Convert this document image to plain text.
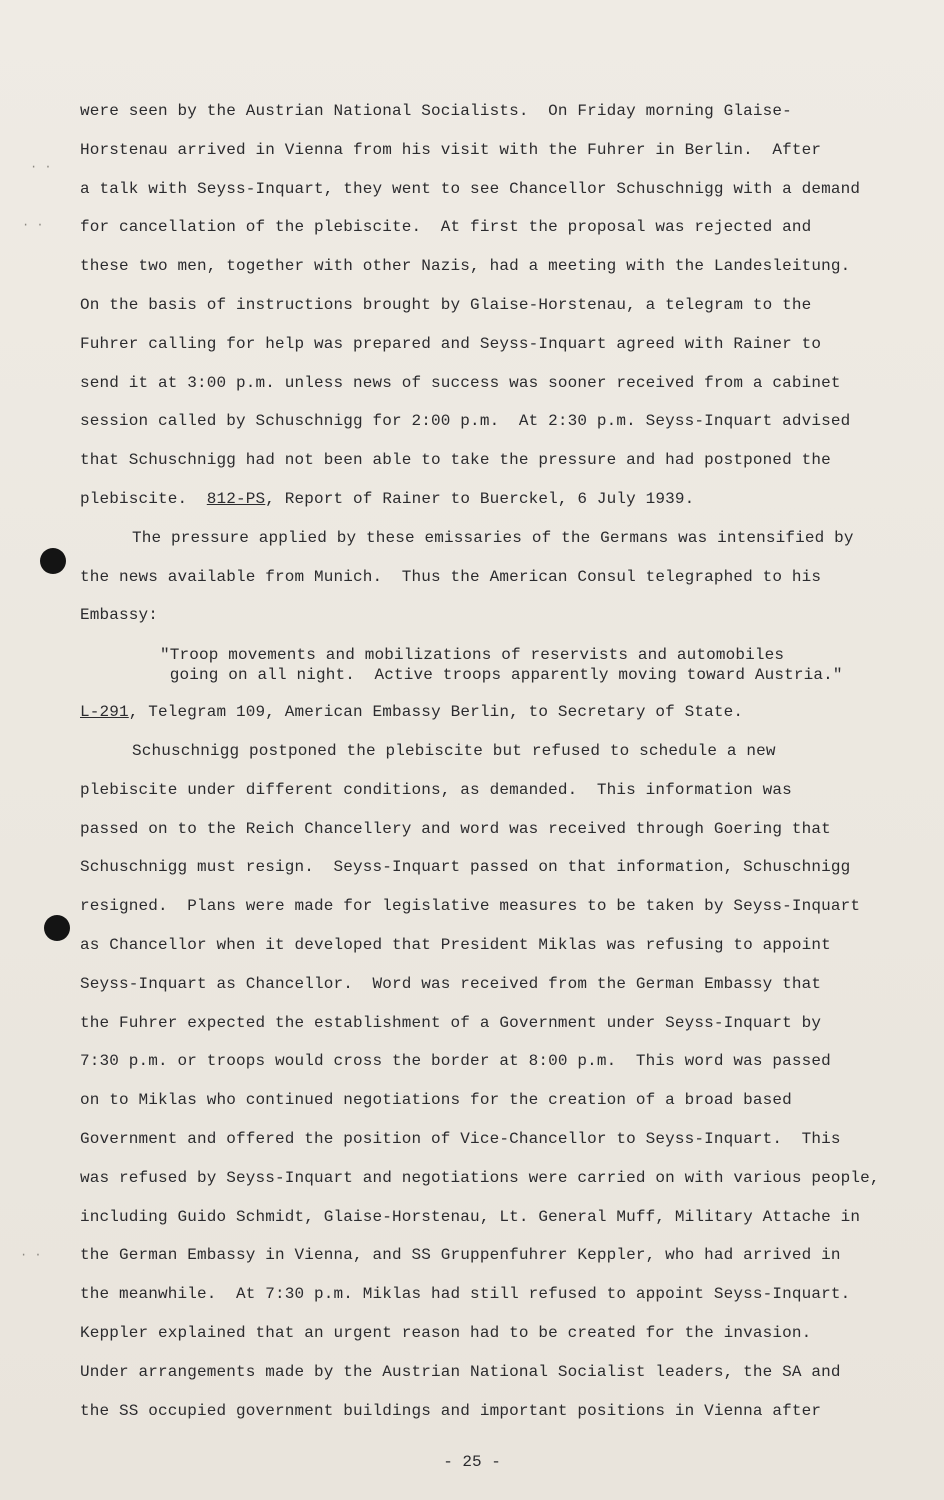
· ·
· ·
· ·
were seen by the Austrian National Socialists.  On Friday morning Glaise-
Horstenau arrived in Vienna from his visit with the Fuhrer in Berlin.  After
a talk with Seyss-Inquart, they went to see Chancellor Schuschnigg with a demand
for cancellation of the plebiscite.  At first the proposal was rejected and
these two men, together with other Nazis, had a meeting with the Landesleitung.
On the basis of instructions brought by Glaise-Horstenau, a telegram to the
Fuhrer calling for help was prepared and Seyss-Inquart agreed with Rainer to
send it at 3:00 p.m. unless news of success was sooner received from a cabinet
session called by Schuschnigg for 2:00 p.m.  At 2:30 p.m. Seyss-Inquart advised
that Schuschnigg had not been able to take the pressure and had postponed the
plebiscite.  812-PS, Report of Rainer to Buerckel, 6 July 1939.
The pressure applied by these emissaries of the Germans was intensified by
the news available from Munich.  Thus the American Consul telegraphed to his
Embassy:
"Troop movements and mobilizations of reservists and automobiles
going on all night.  Active troops apparently moving toward Austria."
L-291, Telegram 109, American Embassy Berlin, to Secretary of State.
Schuschnigg postponed the plebiscite but refused to schedule a new
plebiscite under different conditions, as demanded.  This information was
passed on to the Reich Chancellery and word was received through Goering that
Schuschnigg must resign.  Seyss-Inquart passed on that information, Schuschnigg
resigned.  Plans were made for legislative measures to be taken by Seyss-Inquart
as Chancellor when it developed that President Miklas was refusing to appoint
Seyss-Inquart as Chancellor.  Word was received from the German Embassy that
the Fuhrer expected the establishment of a Government under Seyss-Inquart by
7:30 p.m. or troops would cross the border at 8:00 p.m.  This word was passed
on to Miklas who continued negotiations for the creation of a broad based
Government and offered the position of Vice-Chancellor to Seyss-Inquart.  This
was refused by Seyss-Inquart and negotiations were carried on with various people,
including Guido Schmidt, Glaise-Horstenau, Lt. General Muff, Military Attache in
the German Embassy in Vienna, and SS Gruppenfuhrer Keppler, who had arrived in
the meanwhile.  At 7:30 p.m. Miklas had still refused to appoint Seyss-Inquart.
Keppler explained that an urgent reason had to be created for the invasion.
Under arrangements made by the Austrian National Socialist leaders, the SA and
the SS occupied government buildings and important positions in Vienna after
- 25 -
